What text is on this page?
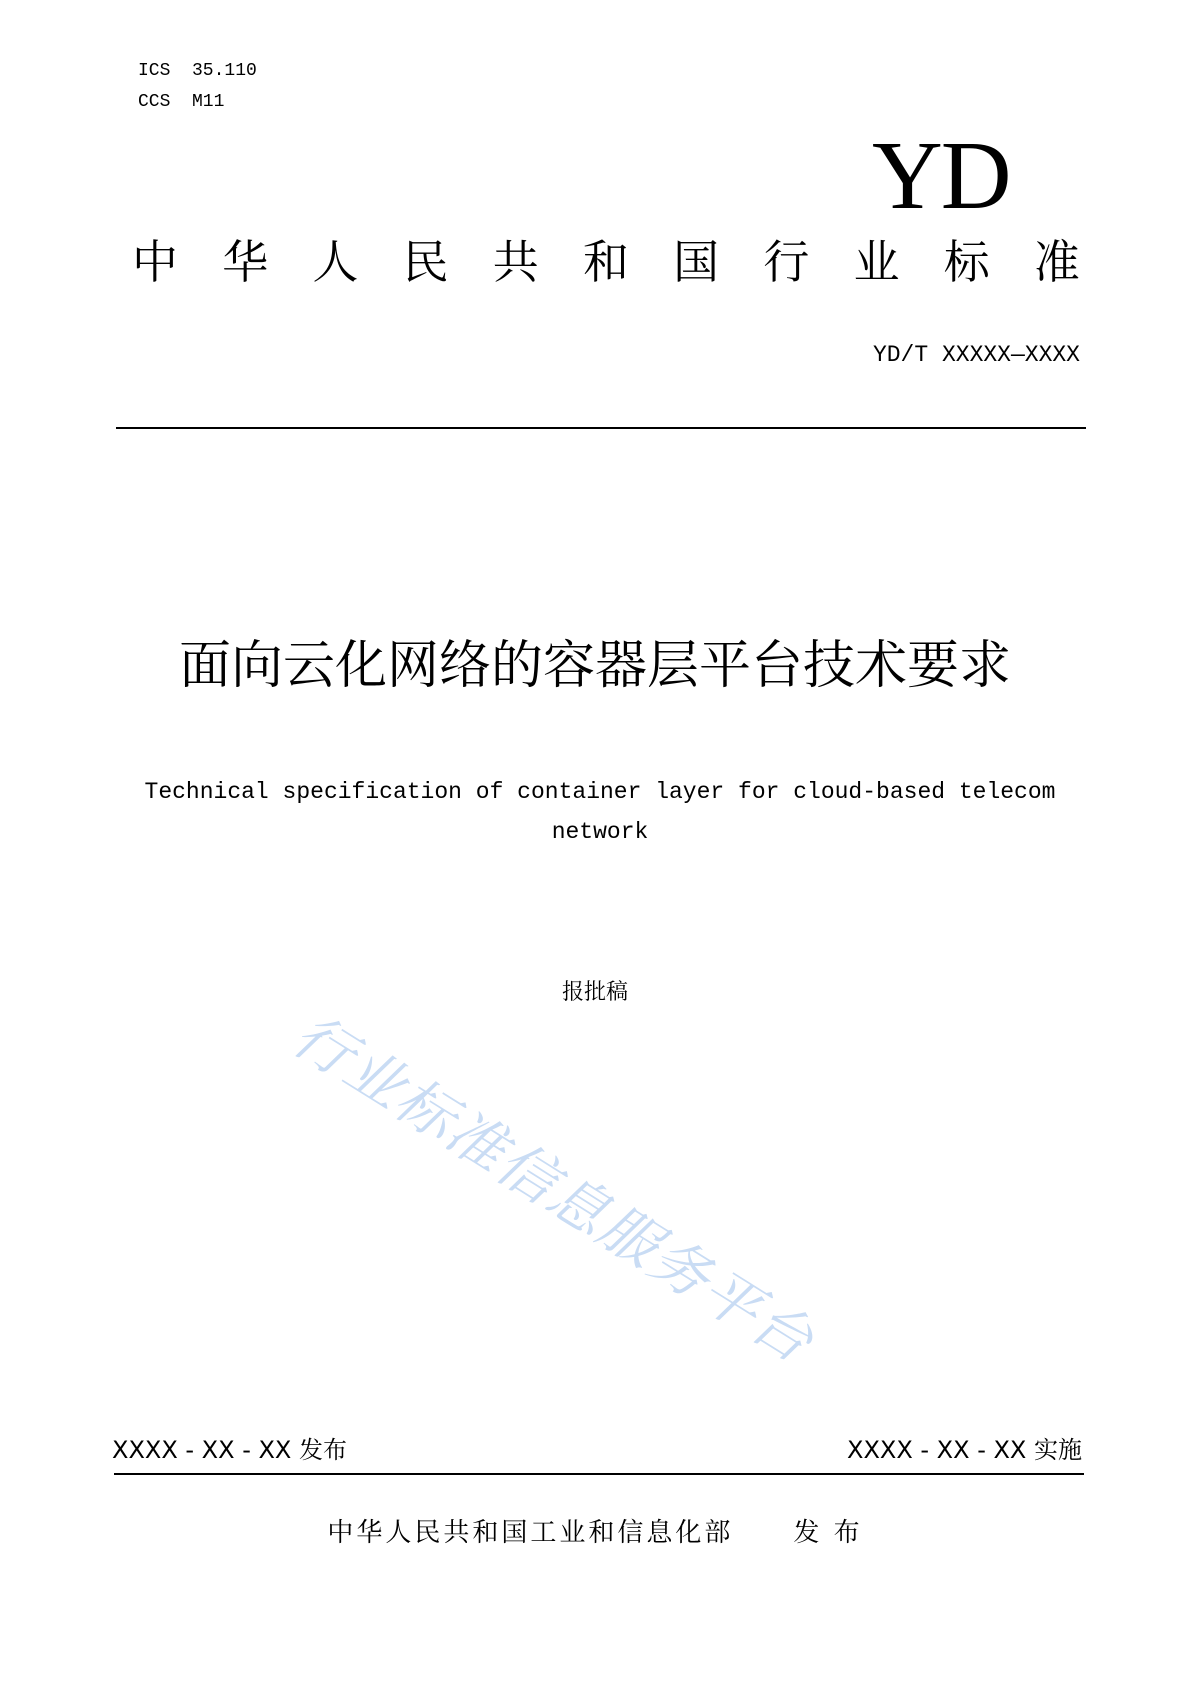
ICS  35.110
CCS  M11
YD
中 华 人 民 共 和 国 行 业 标 准
YD/T XXXXX—XXXX
面向云化网络的容器层平台技术要求
Technical specification of container layer for cloud-based telecom network
报批稿
行业标准信息服务平台
XXXX - XX - XX 发布	XXXX - XX - XX 实施
中华人民共和国工业和信息化部 发 布
